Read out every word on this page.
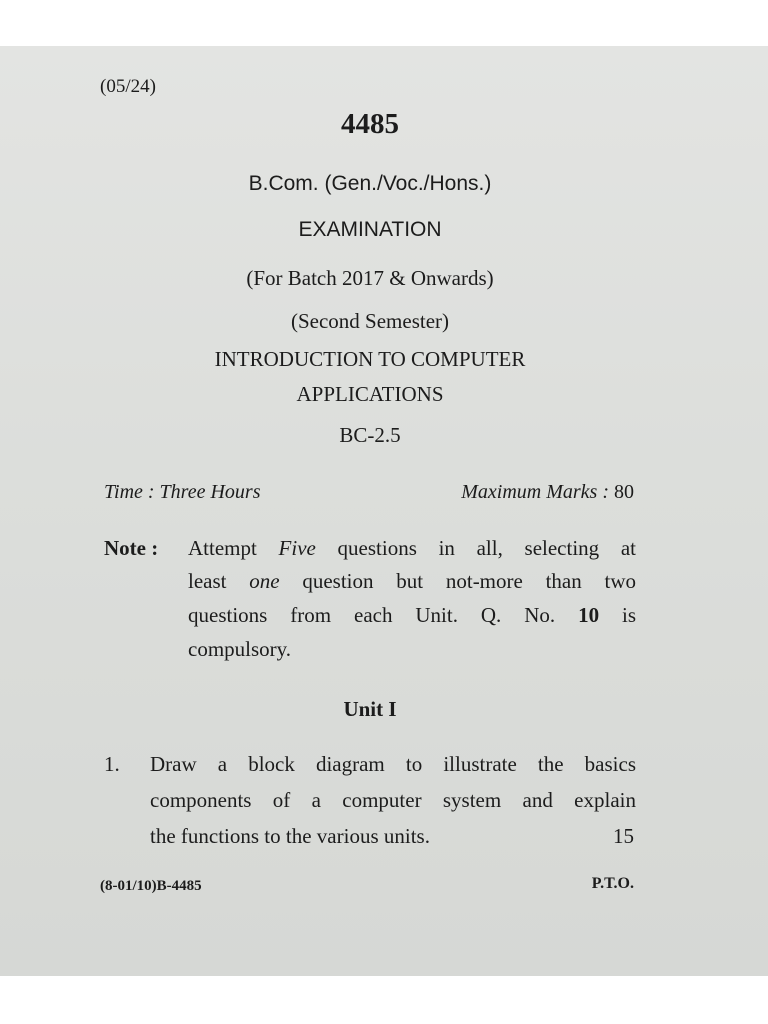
(05/24)
4485
B.Com. (Gen./Voc./Hons.)
EXAMINATION
(For Batch 2017 & Onwards)
(Second Semester)
INTRODUCTION TO COMPUTER
APPLICATIONS
BC-2.5
Time : Three Hours	Maximum Marks : 80
Note : Attempt Five questions in all, selecting at
least one question but not-more than two
questions from each Unit. Q. No. 10 is
compulsory.
Unit I
1. Draw a block diagram to illustrate the basics
components of a computer system and explain
the functions to the various units.	15
(8-01/10)B-4485	P.T.O.
